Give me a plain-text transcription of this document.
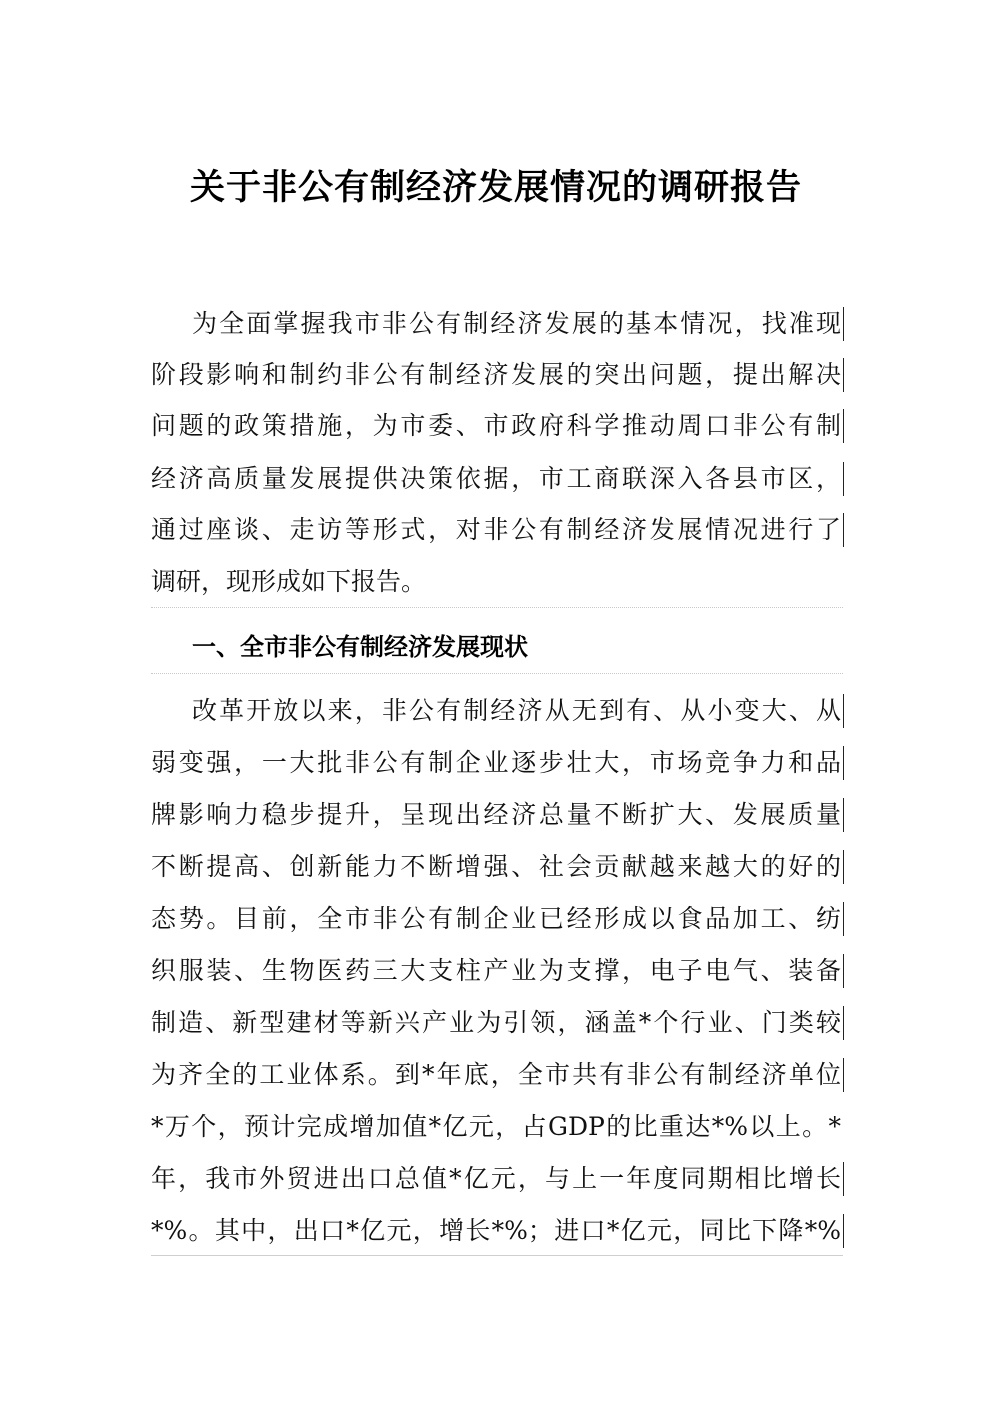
关于非公有制经济发展情况的调研报告
为全面掌握我市非公有制经济发展的基本情况，找准现
阶段影响和制约非公有制经济发展的突出问题，提出解决
问题的政策措施，为市委、市政府科学推动周口非公有制
经济高质量发展提供决策依据，市工商联深入各县市区，
通过座谈、走访等形式，对非公有制经济发展情况进行了
调研，现形成如下报告。
一、全市非公有制经济发展现状
改革开放以来，非公有制经济从无到有、从小变大、从
弱变强，一大批非公有制企业逐步壮大，市场竞争力和品
牌影响力稳步提升，呈现出经济总量不断扩大、发展质量
不断提高、创新能力不断增强、社会贡献越来越大的好的
态势。目前，全市非公有制企业已经形成以食品加工、纺
织服装、生物医药三大支柱产业为支撑，电子电气、装备
制造、新型建材等新兴产业为引领，涵盖*个行业、门类较
为齐全的工业体系。到*年底，全市共有非公有制经济单位
*万个，预计完成增加值*亿元，占GDP的比重达*%以上。*
年，我市外贸进出口总值*亿元，与上一年度同期相比增长
*%。其中，出口*亿元，增长*%；进口*亿元，同比下降*%
